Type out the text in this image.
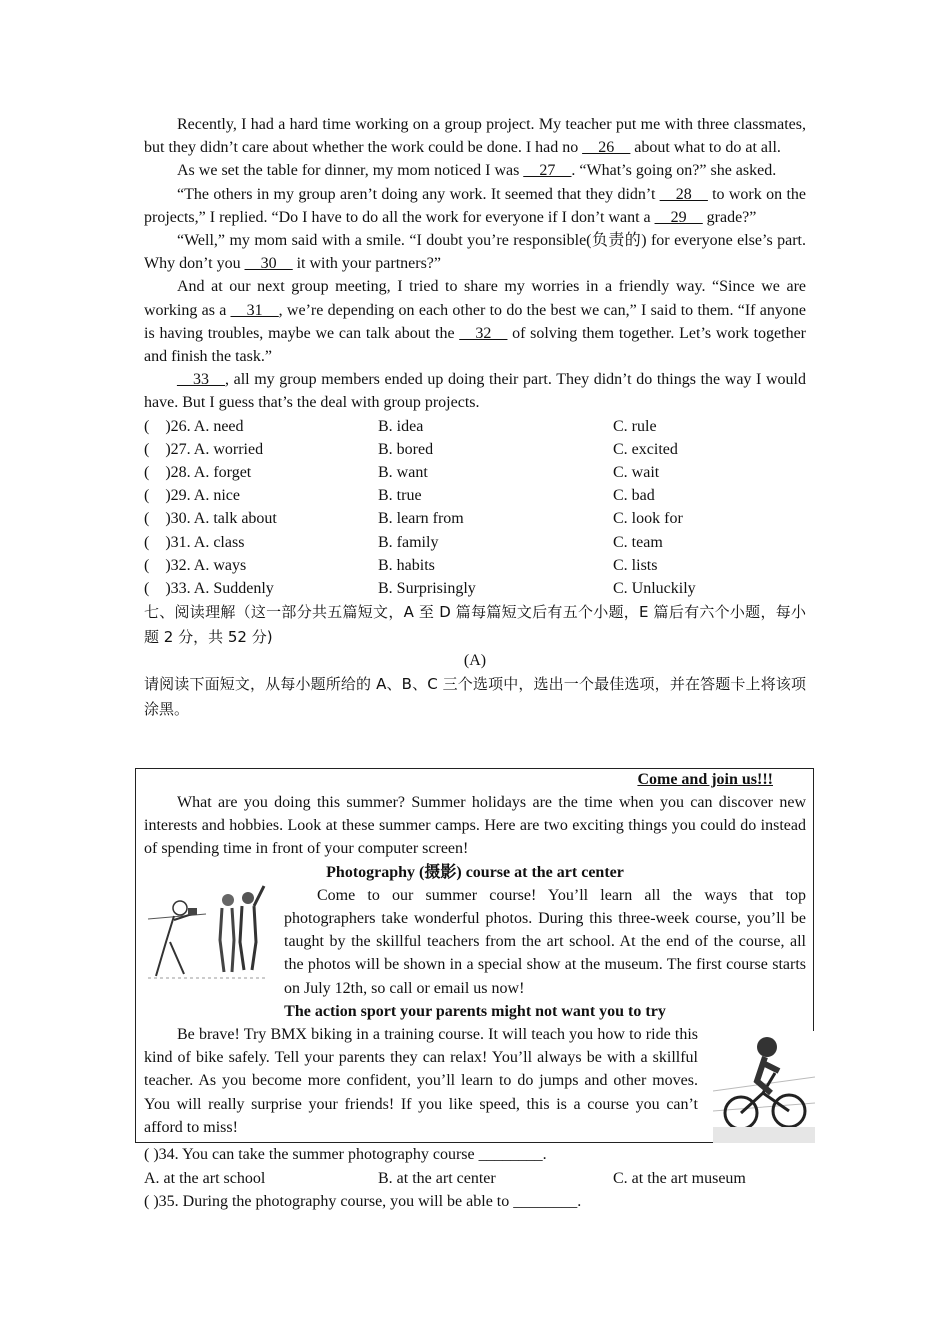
Recently, I had a hard time working on a group project. My teacher put me with three classmates, but they didn’t care about whether the work could be done. I had no __26__ about what to do at all.

As we set the table for dinner, my mom noticed I was __27__. “What’s going on?” she asked.

“The others in my group aren’t doing any work. It seemed that they didn’t __28__ to work on the projects,” I replied. “Do I have to do all the work for everyone if I don’t want a __29__ grade?”

“Well,” my mom said with a smile. “I doubt you’re responsible(负责的) for everyone else’s part. Why don’t you __30__ it with your partners?”

And at our next group meeting, I tried to share my worries in a friendly way. “Since we are working as a __31__, we’re depending on each other to do the best we can,” I said to them. “If anyone is having troubles, maybe we can talk about the __32__ of solving them together. Let’s work together and finish the task.”

__33__, all my group members ended up doing their part. They didn’t do things the way I would have. But I guess that’s the deal with group projects.

(    )26. A. need	B. idea	C. rule
(    )27. A. worried	B. bored	C. excited
(    )28. A. forget	B. want	C. wait
(    )29. A. nice	B. true	C. bad
(    )30. A. talk about	B. learn from	C. look for
(    )31. A. class	B. family	C. team
(    )32. A. ways	B. habits	C. lists
(    )33. A. Suddenly	B. Surprisingly	C. Unluckily

七、阅读理解（这一部分共五篇短文，A 至 D 篇每篇短文后有五个小题，E 篇后有六个小题，每小题 2 分，共 52 分)

(A)

请阅读下面短文，从每小题所给的 A、B、C 三个选项中，选出一个最佳选项，并在答题卡上将该项涂黑。

Come and join us!!!

What are you doing this summer? Summer holidays are the time when you can discover new interests and hobbies. Look at these summer camps. Here are two exciting things you could do instead of spending time in front of your computer screen!

Photography (摄影) course at the art center

Come to our summer course! You’ll learn all the ways that top photographers take wonderful photos. During this three-week course, you’ll be taught by the skillful teachers from the art school. At the end of the course, all the photos will be shown in a special show at the museum. The first course starts on July 12th, so call or email us now!

The action sport your parents might not want you to try

Be brave! Try BMX biking in a training course. It will teach you how to ride this kind of bike safely. Tell your parents they can relax! You’ll always be with a skillful teacher. As you become more confident, you’ll learn to do jumps and other moves. You will really surprise your friends! If you like speed, this is a course you can’t afford to miss!

( )34. You can take the summer photography course ________.
A. at the art school	B. at the art center	C. at the art museum
( )35. During the photography course, you will be able to ________.
